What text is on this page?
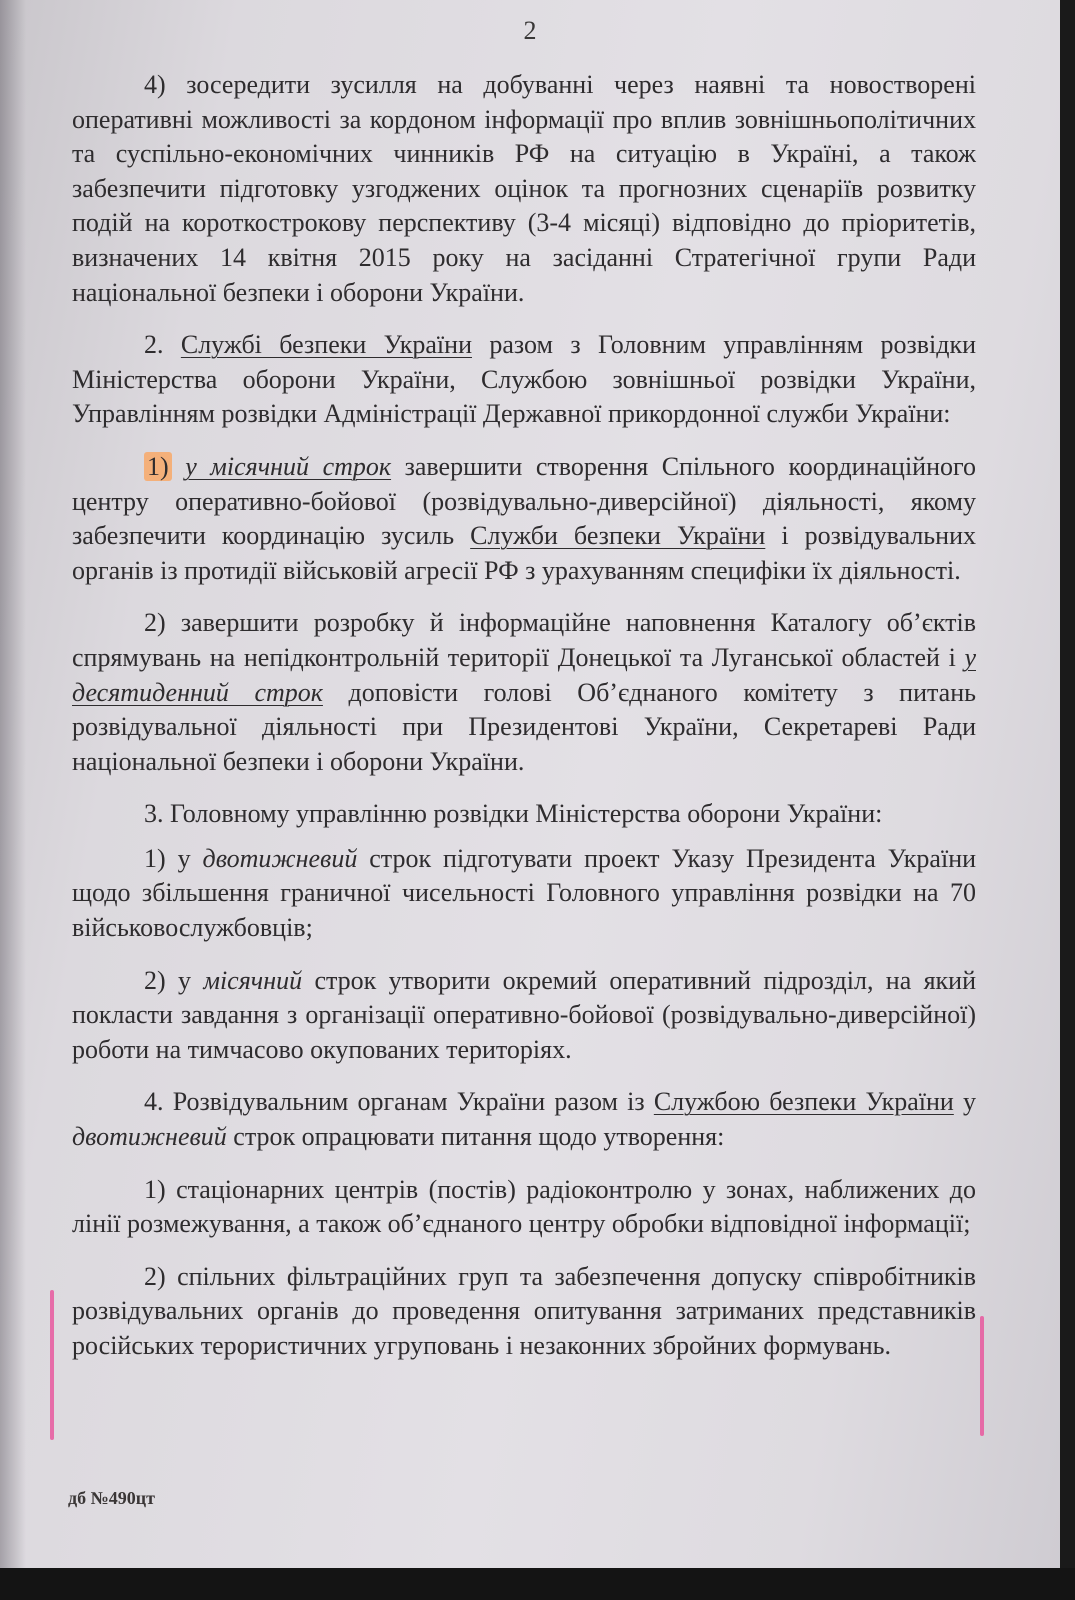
2

4) зосередити зусилля на добуванні через наявні та новостворені оперативні можливості за кордоном інформації про вплив зовнішньополітичних та суспільно-економічних чинників РФ на ситуацію в Україні, а також забезпечити підготовку узгоджених оцінок та прогнозних сценаріїв розвитку подій на короткострокову перспективу (3-4 місяці) відповідно до пріоритетів, визначених 14 квітня 2015 року на засіданні Стратегічної групи Ради національної безпеки і оборони України.

2. Службі безпеки України разом з Головним управлінням розвідки Міністерства оборони України, Службою зовнішньої розвідки України, Управлінням розвідки Адміністрації Державної прикордонної служби України:

1) у місячний строк завершити створення Спільного координаційного центру оперативно-бойової (розвідувально-диверсійної) діяльності, якому забезпечити координацію зусиль Служби безпеки України і розвідувальних органів із протидії військовій агресії РФ з урахуванням специфіки їх діяльності.

2) завершити розробку й інформаційне наповнення Каталогу об’єктів спрямувань на непідконтрольній території Донецької та Луганської областей і у десятиденний строк доповісти голові Об’єднаного комітету з питань розвідувальної діяльності при Президентові України, Секретареві Ради національної безпеки і оборони України.

3. Головному управлінню розвідки Міністерства оборони України:

1) у двотижневий строк підготувати проект Указу Президента України щодо збільшення граничної чисельності Головного управління розвідки на 70 військовослужбовців;

2) у місячний строк утворити окремий оперативний підрозділ, на який покласти завдання з організації оперативно-бойової (розвідувально-диверсійної) роботи на тимчасово окупованих територіях.

4. Розвідувальним органам України разом із Службою безпеки України у двотижневий строк опрацювати питання щодо утворення:

1) стаціонарних центрів (постів) радіоконтролю у зонах, наближених до лінії розмежування, а також об’єднаного центру обробки відповідної інформації;

2) спільних фільтраційних груп та забезпечення допуску співробітників розвідувальних органів до проведення опитування затриманих представників російських терористичних угруповань і незаконних збройних формувань.

дб №490цт
